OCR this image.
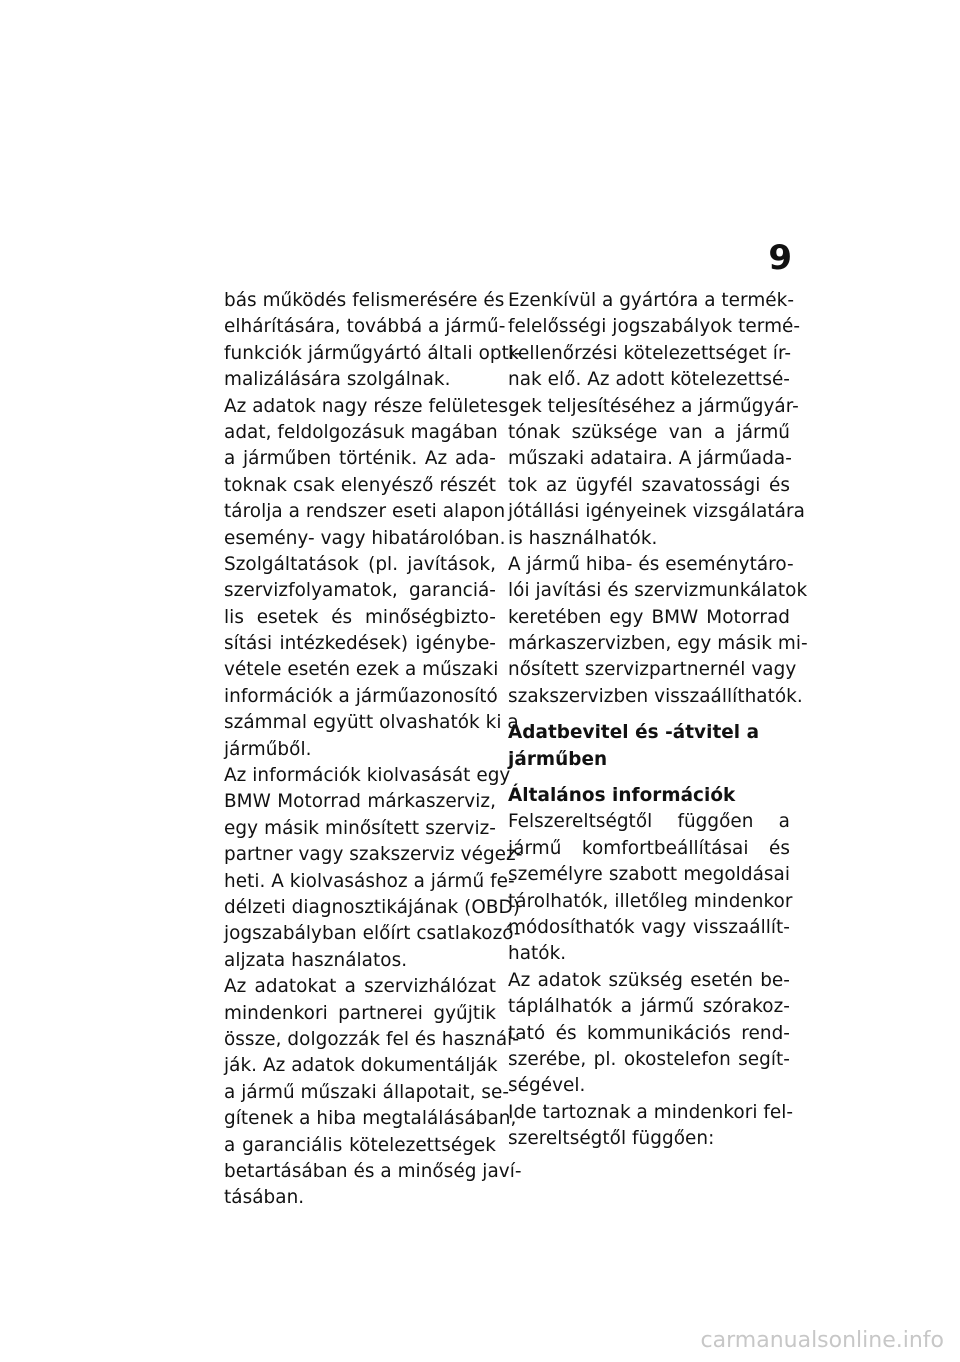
9
bás működés felismerésére és
elhárítására, továbbá a jármű-
funkciók járműgyártó általi opti-
malizálására szolgálnak.
Az adatok nagy része felületes
adat, feldolgozásuk magában
a járműben történik. Az ada-
toknak csak elenyésző részét
tárolja a rendszer eseti alapon
esemény- vagy hibatárolóban.
Szolgáltatások (pl. javítások,
szervizfolyamatok, garanciá-
lis esetek és minőségbizto-
sítási intézkedések) igénybe-
vétele esetén ezek a műszaki
információk a járműazonosító
számmal együtt olvashatók ki a
járműből.
Az információk kiolvasását egy
BMW Motorrad márkaszerviz,
egy másik minősített szerviz-
partner vagy szakszerviz végez-
heti. A kiolvasáshoz a jármű fe-
délzeti diagnosztikájának (OBD)
jogszabályban előírt csatlakozó-
aljzata használatos.
Az adatokat a szervizhálózat
mindenkori partnerei gyűjtik
össze, dolgozzák fel és használ-
ják. Az adatok dokumentálják
a jármű műszaki állapotait, se-
gítenek a hiba megtalálásában,
a garanciális kötelezettségek
betartásában és a minőség javí-
tásában.
Ezenkívül a gyártóra a termék-
felelősségi jogszabályok termé-
kellenőrzési kötelezettséget ír-
nak elő. Az adott kötelezettsé-
gek teljesítéséhez a járműgyár-
tónak szüksége van a jármű
műszaki adataira. A járműada-
tok az ügyfél szavatossági és
jótállási igényeinek vizsgálatára
is használhatók.
A jármű hiba- és eseménytáro-
lói javítási és szervizmunkálatok
keretében egy BMW Motorrad
márkaszervizben, egy másik mi-
nősített szervizpartnernél vagy
szakszervizben visszaállíthatók.
Adatbevitel és -átvitel a
járműben
Általános információk
Felszereltségtől függően a
jármű komfortbeállításai és
személyre szabott megoldásai
tárolhatók, illetőleg mindenkor
módosíthatók vagy visszaállít-
hatók.
Az adatok szükség esetén be-
táplálhatók a jármű szórakoz-
tató és kommunikációs rend-
szerébe, pl. okostelefon segít-
ségével.
Ide tartoznak a mindenkori fel-
szereltségtől függően:
carmanualsonline.info
